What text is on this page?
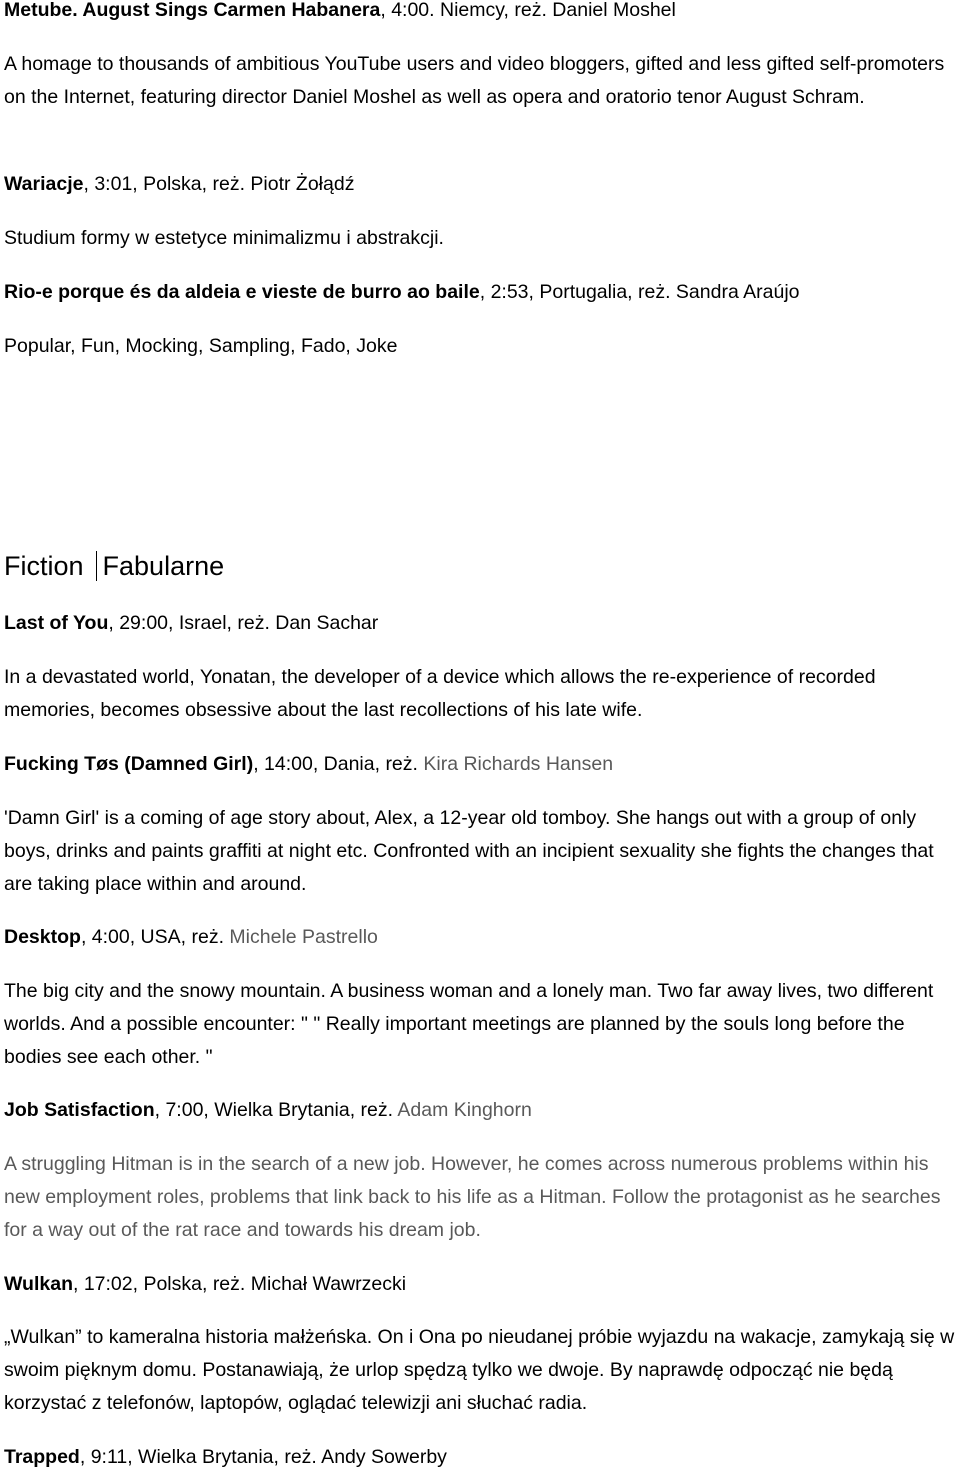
Metube. August Sings Carmen Habanera, 4:00. Niemcy, reż. Daniel Moshel
A homage to thousands of ambitious YouTube users and video bloggers, gifted and less gifted self-promoters on the Internet, featuring director Daniel Moshel as well as opera and oratorio tenor August Schram.
Wariacje, 3:01, Polska, reż. Piotr Żołądź
Studium formy w estetyce minimalizmu i abstrakcji.
Rio-e porque és da aldeia e vieste de burro ao baile, 2:53, Portugalia, reż. Sandra Araújo
Popular, Fun, Mocking, Sampling, Fado, Joke
Fiction Fabularne
Last of You, 29:00, Israel, reż. Dan Sachar
In a devastated world, Yonatan, the developer of a device which allows the re-experience of recorded memories, becomes obsessive about the last recollections of his late wife.
Fucking Tøs (Damned Girl), 14:00, Dania, reż. Kira Richards Hansen
'Damn Girl' is a coming of age story about, Alex, a 12-year old tomboy. She hangs out with a group of only boys, drinks and paints graffiti at night etc. Confronted with an incipient sexuality she fights the changes that are taking place within and around.
Desktop, 4:00, USA, reż. Michele Pastrello
The big city and the snowy mountain. A business woman and a lonely man. Two far away lives, two different worlds. And a possible encounter: " " Really important meetings are planned by the souls long before the bodies see each other. "
Job Satisfaction, 7:00, Wielka Brytania, reż. Adam Kinghorn
A struggling Hitman is in the search of a new job. However, he comes across numerous problems within his new employment roles, problems that link back to his life as a Hitman. Follow the protagonist as he searches for a way out of the rat race and towards his dream job.
Wulkan, 17:02, Polska, reż. Michał Wawrzecki
„Wulkan” to kameralna historia małżeńska. On i Ona po nieudanej próbie wyjazdu na wakacje, zamykają się w swoim pięknym domu. Postanawiają, że urlop spędzą tylko we dwoje. By naprawdę odpocząć nie będą korzystać z telefonów, laptopów, oglądać telewizji ani słuchać radia.
Trapped, 9:11, Wielka Brytania, reż. Andy Sowerby
